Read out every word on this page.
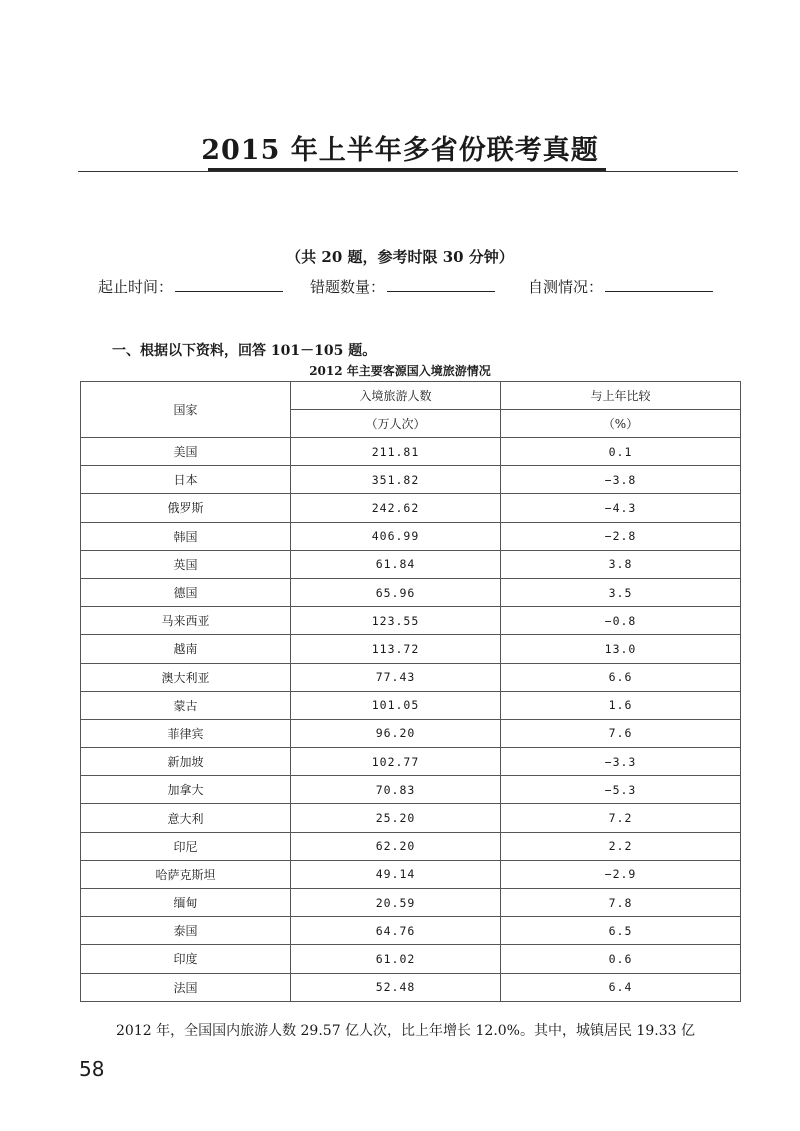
2015 年上半年多省份联考真题
（共 20 题，参考时限 30 分钟）
起止时间：	错题数量：	自测情况：
一、根据以下资料，回答 101－105 题。
2012 年主要客源国入境旅游情况
国家	入境旅游人数	与上年比较
	（万人次）	（%）
美国	211.81	0.1
日本	351.82	−3.8
俄罗斯	242.62	−4.3
韩国	406.99	−2.8
英国	61.84	3.8
德国	65.96	3.5
马来西亚	123.55	−0.8
越南	113.72	13.0
澳大利亚	77.43	6.6
蒙古	101.05	1.6
菲律宾	96.20	7.6
新加坡	102.77	−3.3
加拿大	70.83	−5.3
意大利	25.20	7.2
印尼	62.20	2.2
哈萨克斯坦	49.14	−2.9
缅甸	20.59	7.8
泰国	64.76	6.5
印度	61.02	0.6
法国	52.48	6.4
2012 年，全国国内旅游人数 29.57 亿人次，比上年增长 12.0%。其中，城镇居民 19.33 亿
58
